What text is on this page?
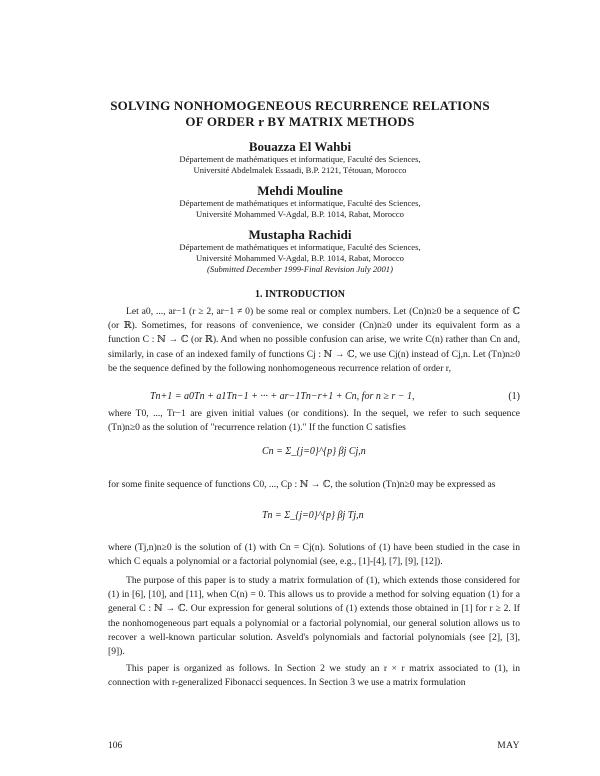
SOLVING NONHOMOGENEOUS RECURRENCE RELATIONS
OF ORDER r BY MATRIX METHODS
Bouazza El Wahbi
Département de mathématiques et informatique, Faculté des Sciences,
Université Abdelmalek Essaadi, B.P. 2121, Tétouan, Morocco
Mehdi Mouline
Département de mathématiques et informatique, Faculté des Sciences,
Université Mohammed V-Agdal, B.P. 1014, Rabat, Morocco
Mustapha Rachidi
Département de mathématiques et informatique, Faculté des Sciences,
Université Mohammed V-Agdal, B.P. 1014, Rabat, Morocco
(Submitted December 1999-Final Revision July 2001)
1. INTRODUCTION

Let a0, ..., ar−1 (r ≥ 2, ar−1 ≠ 0) be some real or complex numbers. Let (Cn)n≥0 be a sequence of ℂ (or ℝ). Sometimes, for reasons of convenience, we consider (Cn)n≥0 under its equivalent form as a function C : ℕ → ℂ (or ℝ). And when no possible confusion can arise, we write C(n) rather than Cn and, similarly, in case of an indexed family of functions Cj : ℕ → ℂ, we use Cj(n) instead of Cj,n. Let (Tn)n≥0 be the sequence defined by the following nonhomogeneous recurrence relation of order r,

Tn+1 = a0Tn + a1Tn−1 + ··· + ar−1Tn−r+1 + Cn, for n ≥ r − 1,	(1)

where T0, ..., Tr−1 are given initial values (or conditions). In the sequel, we refer to such sequence (Tn)n≥0 as the solution of "recurrence relation (1)." If the function C satisfies

Cn = Σ_{j=0}^{p} βj Cj,n

for some finite sequence of functions C0, ..., Cp : ℕ → ℂ, the solution (Tn)n≥0 may be expressed as

Tn = Σ_{j=0}^{p} βj Tj,n

where (Tj,n)n≥0 is the solution of (1) with Cn = Cj(n). Solutions of (1) have been studied in the case in which C equals a polynomial or a factorial polynomial (see, e.g., [1]-[4], [7], [9], [12]).

The purpose of this paper is to study a matrix formulation of (1), which extends those considered for (1) in [6], [10], and [11], when C(n) = 0. This allows us to provide a method for solving equation (1) for a general C : ℕ → ℂ. Our expression for general solutions of (1) extends those obtained in [1] for r ≥ 2. If the nonhomogeneous part equals a polynomial or a factorial polynomial, our general solution allows us to recover a well-known particular solution. Asveld's polynomials and factorial polynomials (see [2], [3], [9]).

This paper is organized as follows. In Section 2 we study an r × r matrix associated to (1), in connection with r-generalized Fibonacci sequences. In Section 3 we use a matrix formulation

106	MAY
